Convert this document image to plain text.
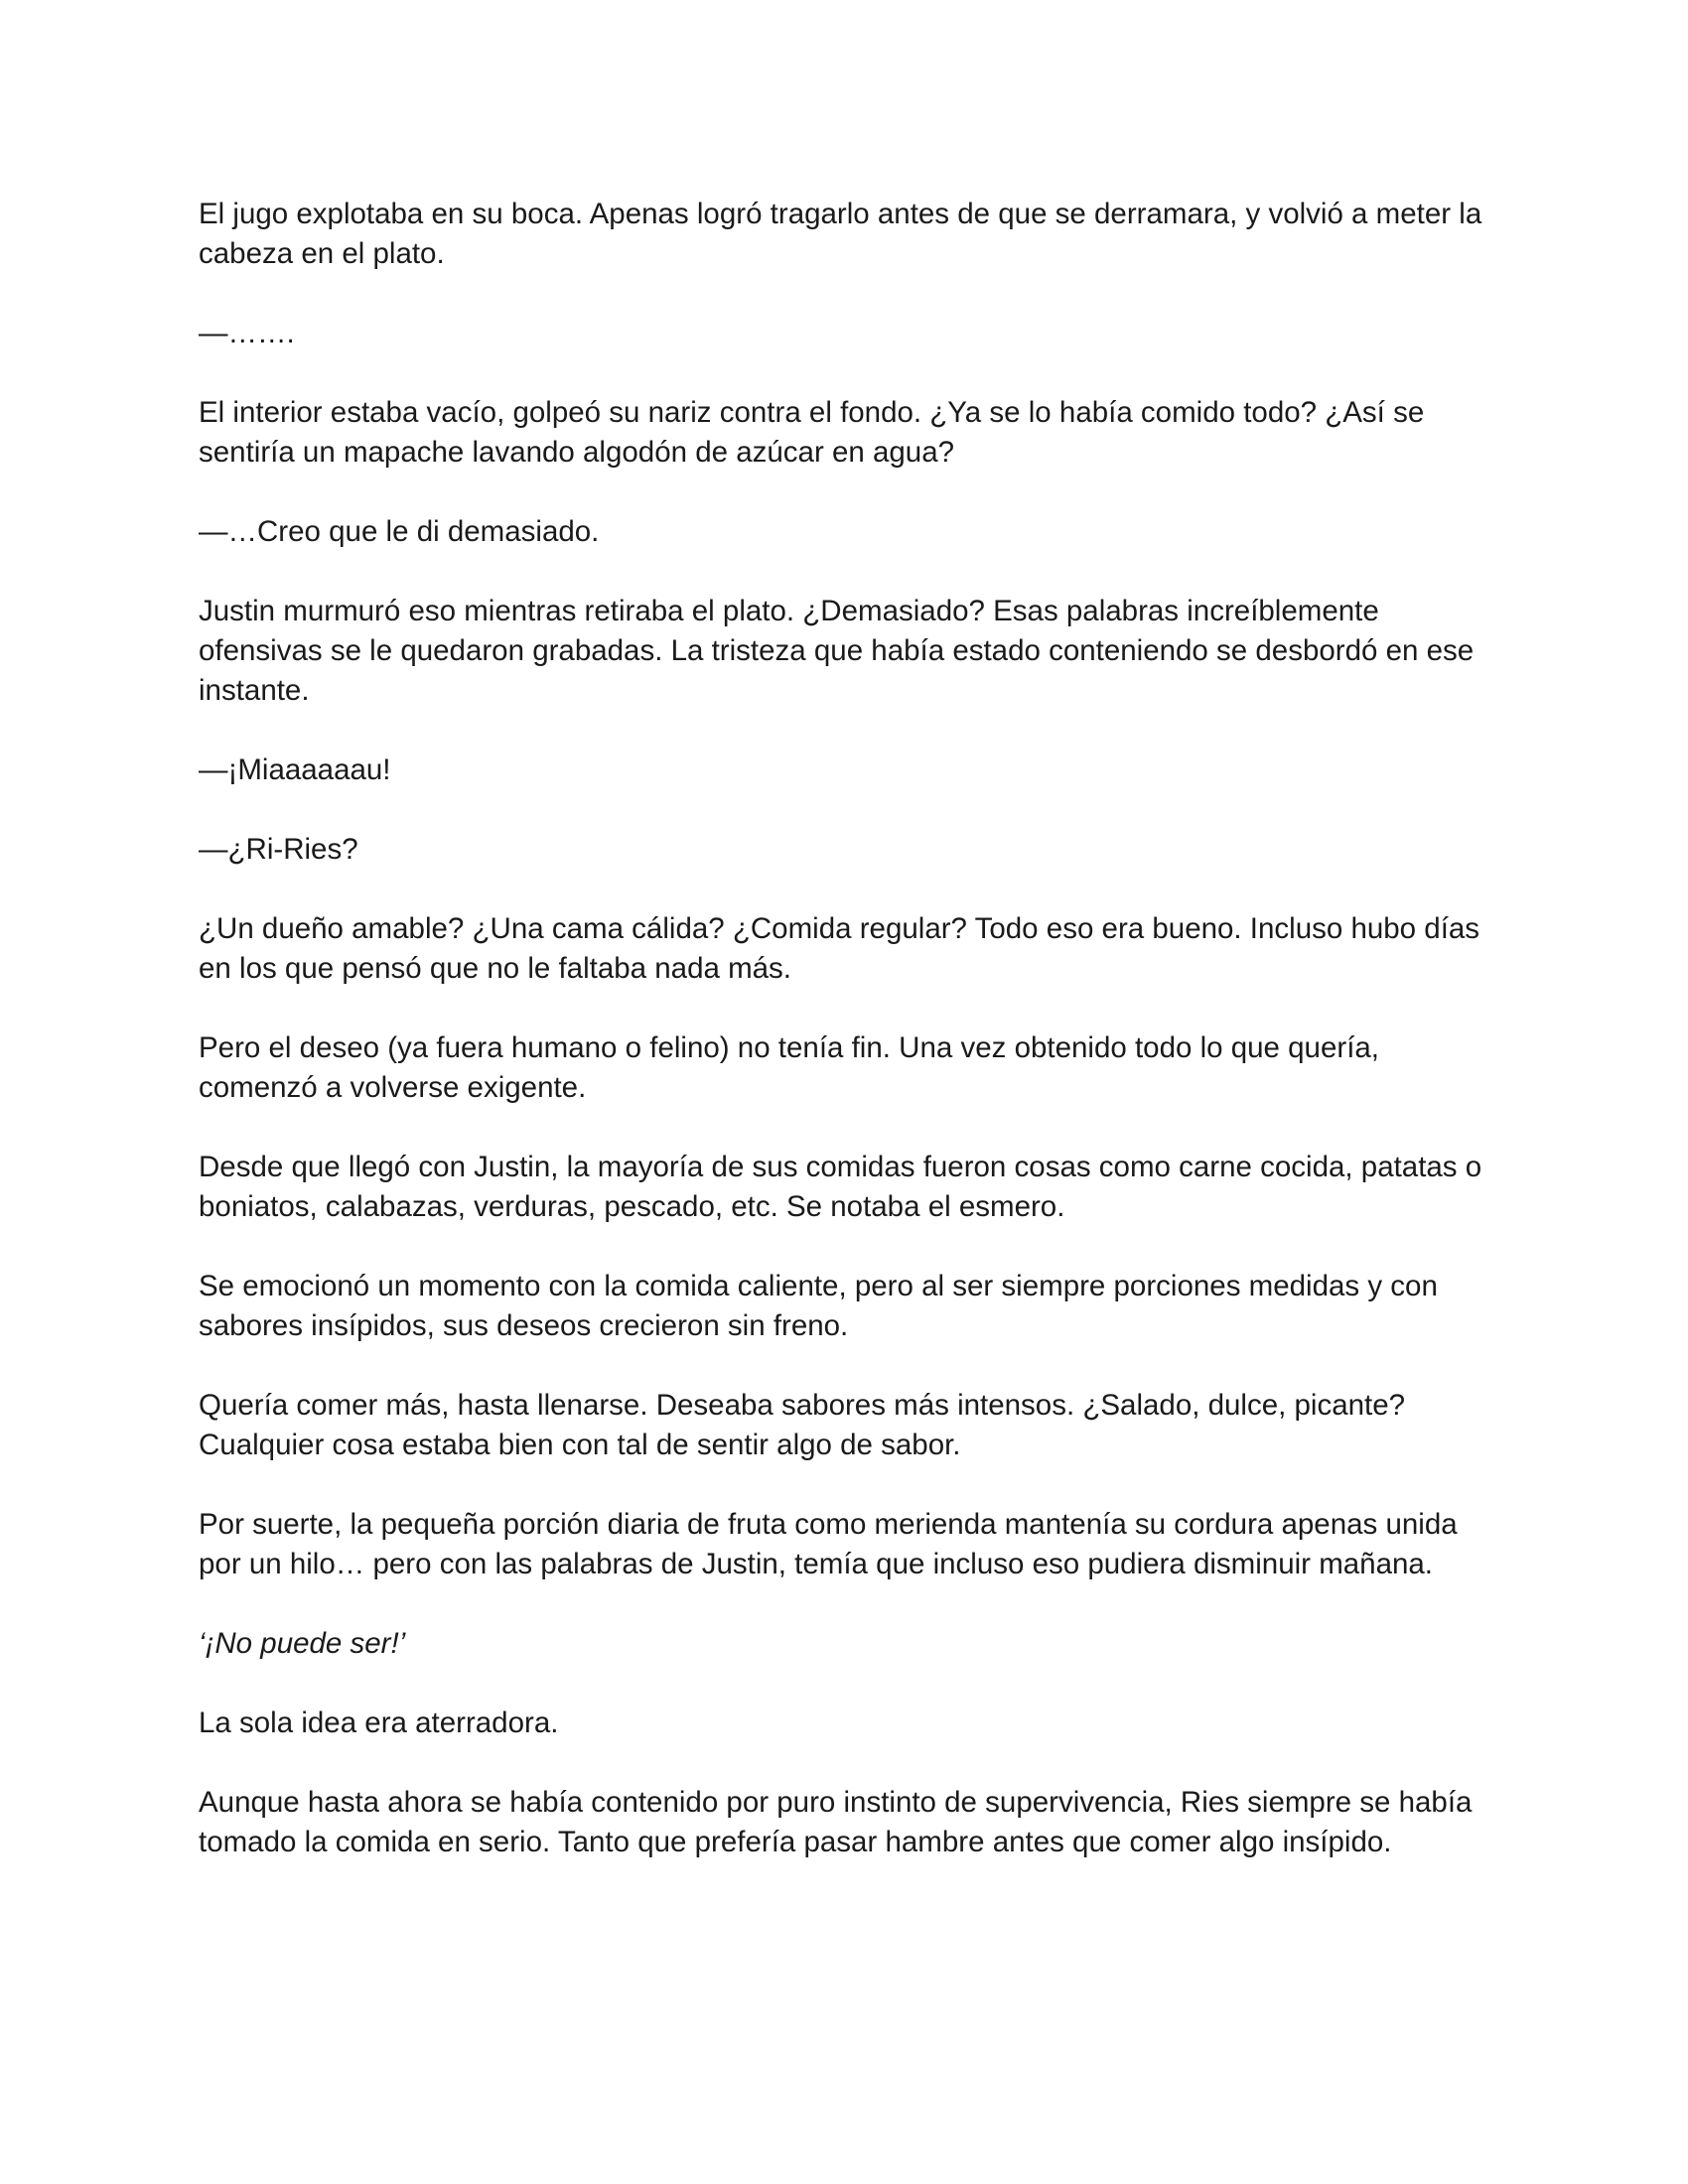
El jugo explotaba en su boca. Apenas logró tragarlo antes de que se derramara, y volvió a meter la cabeza en el plato.

—…….

El interior estaba vacío, golpeó su nariz contra el fondo. ¿Ya se lo había comido todo? ¿Así se sentiría un mapache lavando algodón de azúcar en agua?

—…Creo que le di demasiado.

Justin murmuró eso mientras retiraba el plato. ¿Demasiado? Esas palabras increíblemente ofensivas se le quedaron grabadas. La tristeza que había estado conteniendo se desbordó en ese instante.

—¡Miaaaaaau!

—¿Ri-Ries?

¿Un dueño amable? ¿Una cama cálida? ¿Comida regular? Todo eso era bueno. Incluso hubo días en los que pensó que no le faltaba nada más.

Pero el deseo (ya fuera humano o felino) no tenía fin. Una vez obtenido todo lo que quería, comenzó a volverse exigente.

Desde que llegó con Justin, la mayoría de sus comidas fueron cosas como carne cocida, patatas o boniatos, calabazas, verduras, pescado, etc. Se notaba el esmero.

Se emocionó un momento con la comida caliente, pero al ser siempre porciones medidas y con sabores insípidos, sus deseos crecieron sin freno.

Quería comer más, hasta llenarse. Deseaba sabores más intensos. ¿Salado, dulce, picante? Cualquier cosa estaba bien con tal de sentir algo de sabor.

Por suerte, la pequeña porción diaria de fruta como merienda mantenía su cordura apenas unida por un hilo… pero con las palabras de Justin, temía que incluso eso pudiera disminuir mañana.

‘¡No puede ser!’

La sola idea era aterradora.

Aunque hasta ahora se había contenido por puro instinto de supervivencia, Ries siempre se había tomado la comida en serio. Tanto que prefería pasar hambre antes que comer algo insípido.
